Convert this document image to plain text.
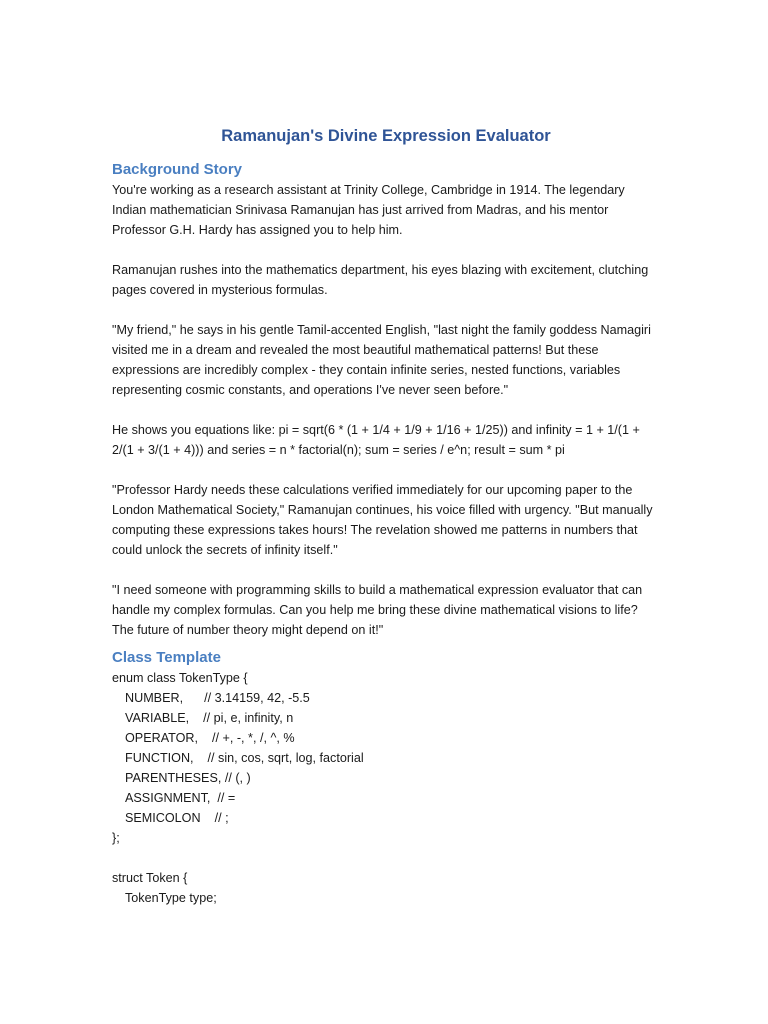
Ramanujan's Divine Expression Evaluator
Background Story

You're working as a research assistant at Trinity College, Cambridge in 1914. The legendary Indian mathematician Srinivasa Ramanujan has just arrived from Madras, and his mentor Professor G.H. Hardy has assigned you to help him.

Ramanujan rushes into the mathematics department, his eyes blazing with excitement, clutching pages covered in mysterious formulas.

"My friend," he says in his gentle Tamil-accented English, "last night the family goddess Namagiri visited me in a dream and revealed the most beautiful mathematical patterns! But these expressions are incredibly complex - they contain infinite series, nested functions, variables representing cosmic constants, and operations I've never seen before."

He shows you equations like: pi = sqrt(6 * (1 + 1/4 + 1/9 + 1/16 + 1/25)) and infinity = 1 + 1/(1 + 2/(1 + 3/(1 + 4))) and series = n * factorial(n); sum = series / e^n; result = sum * pi

"Professor Hardy needs these calculations verified immediately for our upcoming paper to the London Mathematical Society," Ramanujan continues, his voice filled with urgency. "But manually computing these expressions takes hours! The revelation showed me patterns in numbers that could unlock the secrets of infinity itself."

"I need someone with programming skills to build a mathematical expression evaluator that can handle my complex formulas. Can you help me bring these divine mathematical visions to life? The future of number theory might depend on it!"

Class Template
enum class TokenType {
NUMBER,      // 3.14159, 42, -5.5
VARIABLE,    // pi, e, infinity, n
OPERATOR,    // +, -, *, /, ^, %
FUNCTION,    // sin, cos, sqrt, log, factorial
PARENTHESES, // (, )
ASSIGNMENT,  // =
SEMICOLON    // ;
};
struct Token {
TokenType type;
